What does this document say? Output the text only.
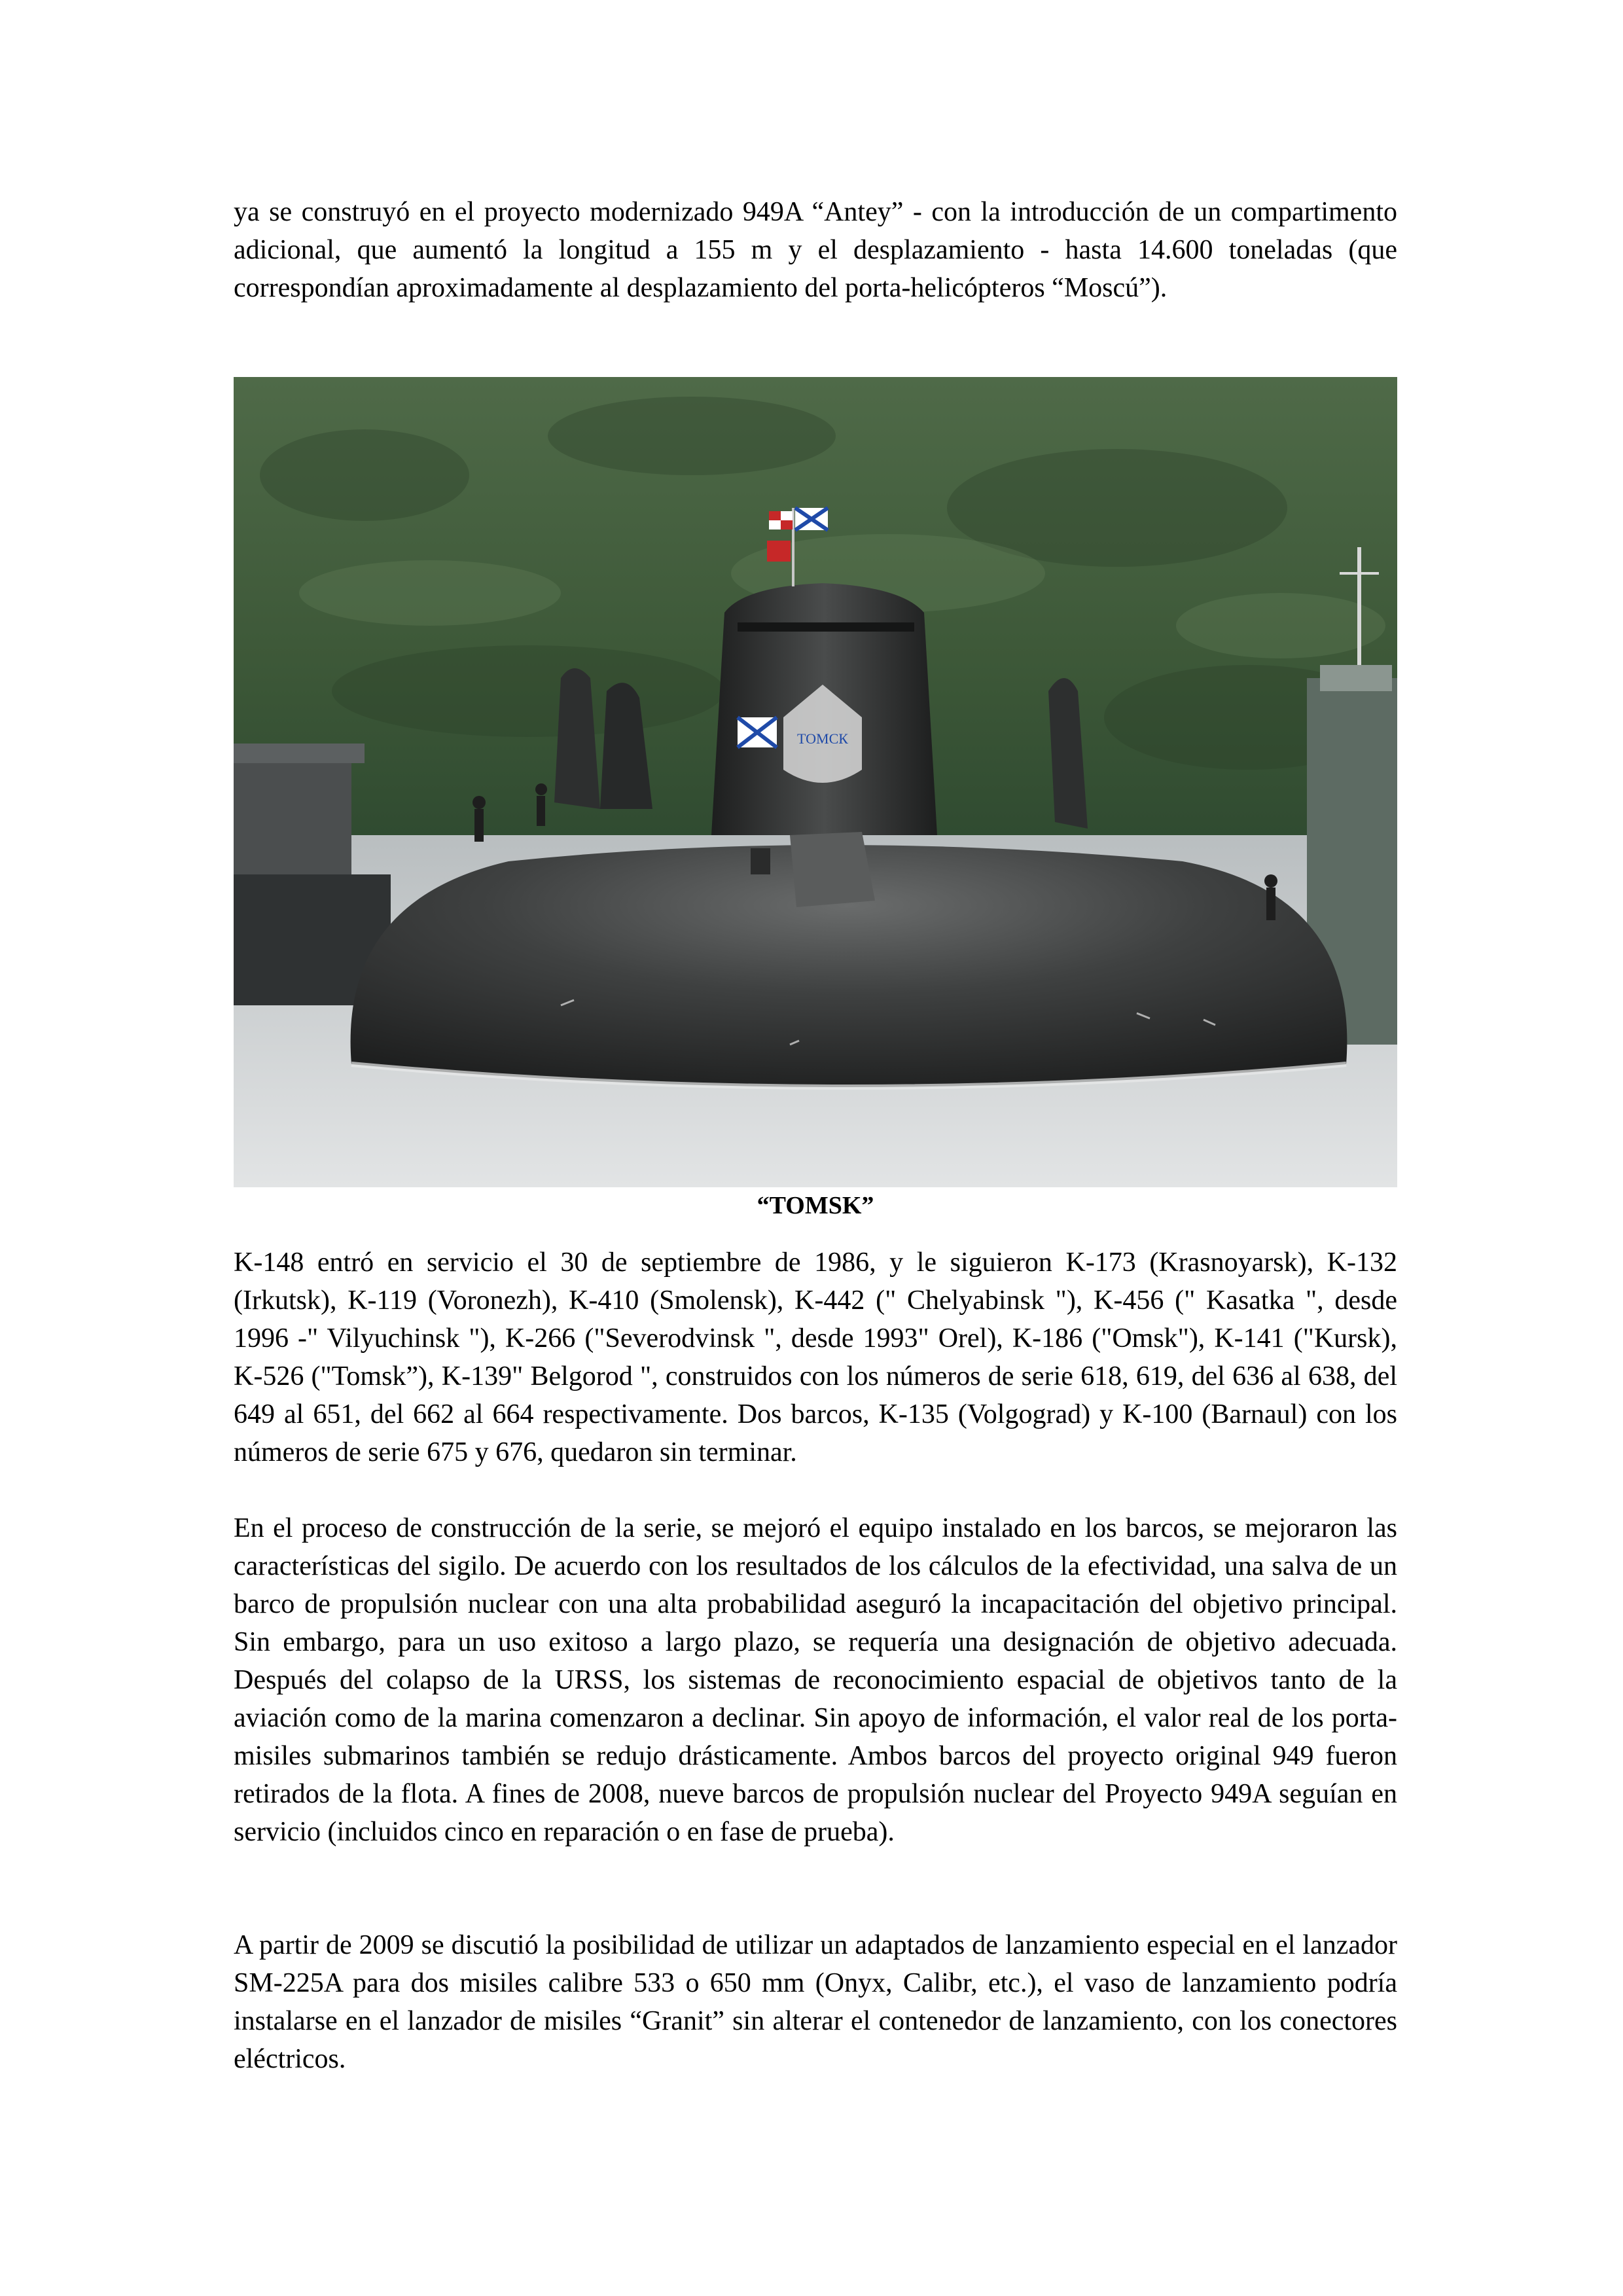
ya se construyó en el proyecto modernizado 949A “Antey” - con la introducción de un compartimento adicional, que aumentó la longitud a 155 m y el desplazamiento - hasta 14.600 toneladas (que correspondían aproximadamente al desplazamiento del porta-helicópteros “Moscú”).

ТОМСК

“TOMSK”

K-148 entró en servicio el 30 de septiembre de 1986, y le siguieron K-173 (Krasnoyarsk), K-132 (Irkutsk), K-119 (Voronezh), K-410 (Smolensk), K-442 (" Chelyabinsk "), K-456 (" Kasatka ", desde 1996 -" Vilyuchinsk "), K-266 ("Severodvinsk ", desde 1993" Orel), K-186 ("Omsk"), K-141 ("Kursk), K-526 ("Tomsk”), K-139" Belgorod ", construidos con los números de serie 618, 619, del 636 al 638, del 649 al 651, del 662 al 664 respectivamente. Dos barcos, K-135 (Volgograd) y K-100 (Barnaul) con los números de serie 675 y 676, quedaron sin terminar.

En el proceso de construcción de la serie, se mejoró el equipo instalado en los barcos, se mejoraron las características del sigilo. De acuerdo con los resultados de los cálculos de la efectividad, una salva de un barco de propulsión nuclear con una alta probabilidad aseguró la incapacitación del objetivo principal. Sin embargo, para un uso exitoso a largo plazo, se requería una designación de objetivo adecuada. Después del colapso de la URSS, los sistemas de reconocimiento espacial de objetivos tanto de la aviación como de la marina comenzaron a declinar. Sin apoyo de información, el valor real de los porta-misiles submarinos también se redujo drásticamente. Ambos barcos del proyecto original 949 fueron retirados de la flota. A fines de 2008, nueve barcos de propulsión nuclear del Proyecto 949A seguían en servicio (incluidos cinco en reparación o en fase de prueba).

A partir de 2009 se discutió la posibilidad de utilizar un adaptados de lanzamiento especial en el lanzador SM-225A para dos misiles calibre 533 o 650 mm (Onyx, Calibr, etc.), el vaso de lanzamiento podría instalarse en el lanzador de misiles “Granit” sin alterar el contenedor de lanzamiento, con los conectores eléctricos.
